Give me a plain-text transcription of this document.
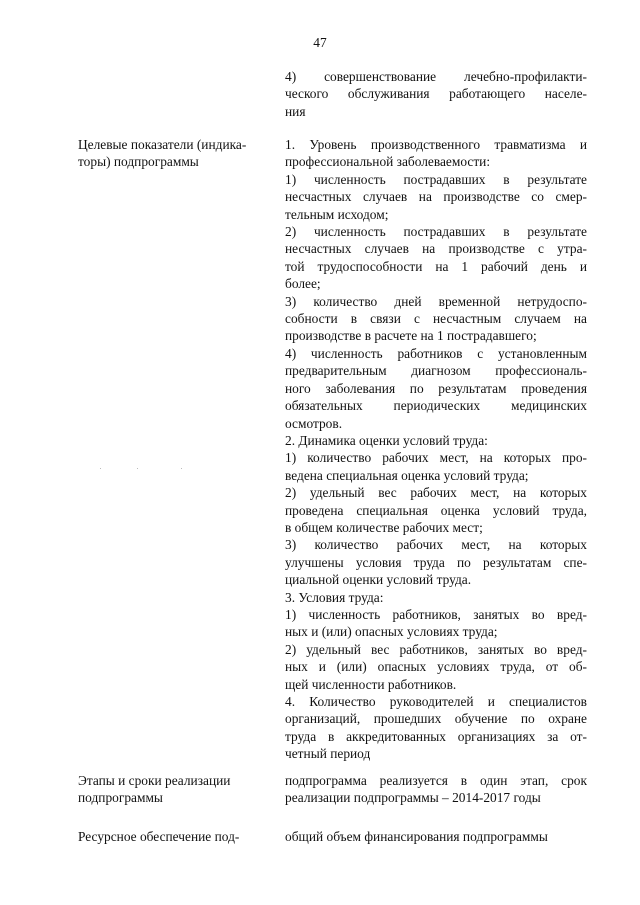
47
4) совершенствование лечебно-профилакти-
ческого обслуживания работающего населе-
ния
Целевые показатели (индика-
торы) подпрограммы
1. Уровень производственного травматизма и
профессиональной заболеваемости:
1) численность пострадавших в результате
несчастных случаев на производстве со смер-
тельным исходом;
2) численность пострадавших в результате
несчастных случаев на производстве с утра-
той трудоспособности на 1 рабочий день и
более;
3) количество дней временной нетрудоспо-
собности в связи с несчастным случаем на
производстве в расчете на 1 пострадавшего;
4) численность работников с установленным
предварительным диагнозом профессиональ-
ного заболевания по результатам проведения
обязательных периодических медицинских
осмотров.
2. Динамика оценки условий труда:
1) количество рабочих мест, на которых про-
ведена специальная оценка условий труда;
2) удельный вес рабочих мест, на которых
проведена специальная оценка условий труда,
в общем количестве рабочих мест;
3) количество рабочих мест, на которых
улучшены условия труда по результатам спе-
циальной оценки условий труда.
3. Условия труда:
1) численность работников, занятых во вред-
ных и (или) опасных условиях труда;
2) удельный вес работников, занятых во вред-
ных и (или) опасных условиях труда, от об-
щей численности работников.
4. Количество руководителей и специалистов
организаций, прошедших обучение по охране
труда в аккредитованных организациях за от-
четный период
Этапы и сроки реализации
подпрограммы
подпрограмма реализуется в один этап, срок
реализации подпрограммы – 2014-2017 годы
Ресурсное обеспечение под-	общий объем финансирования подпрограммы
